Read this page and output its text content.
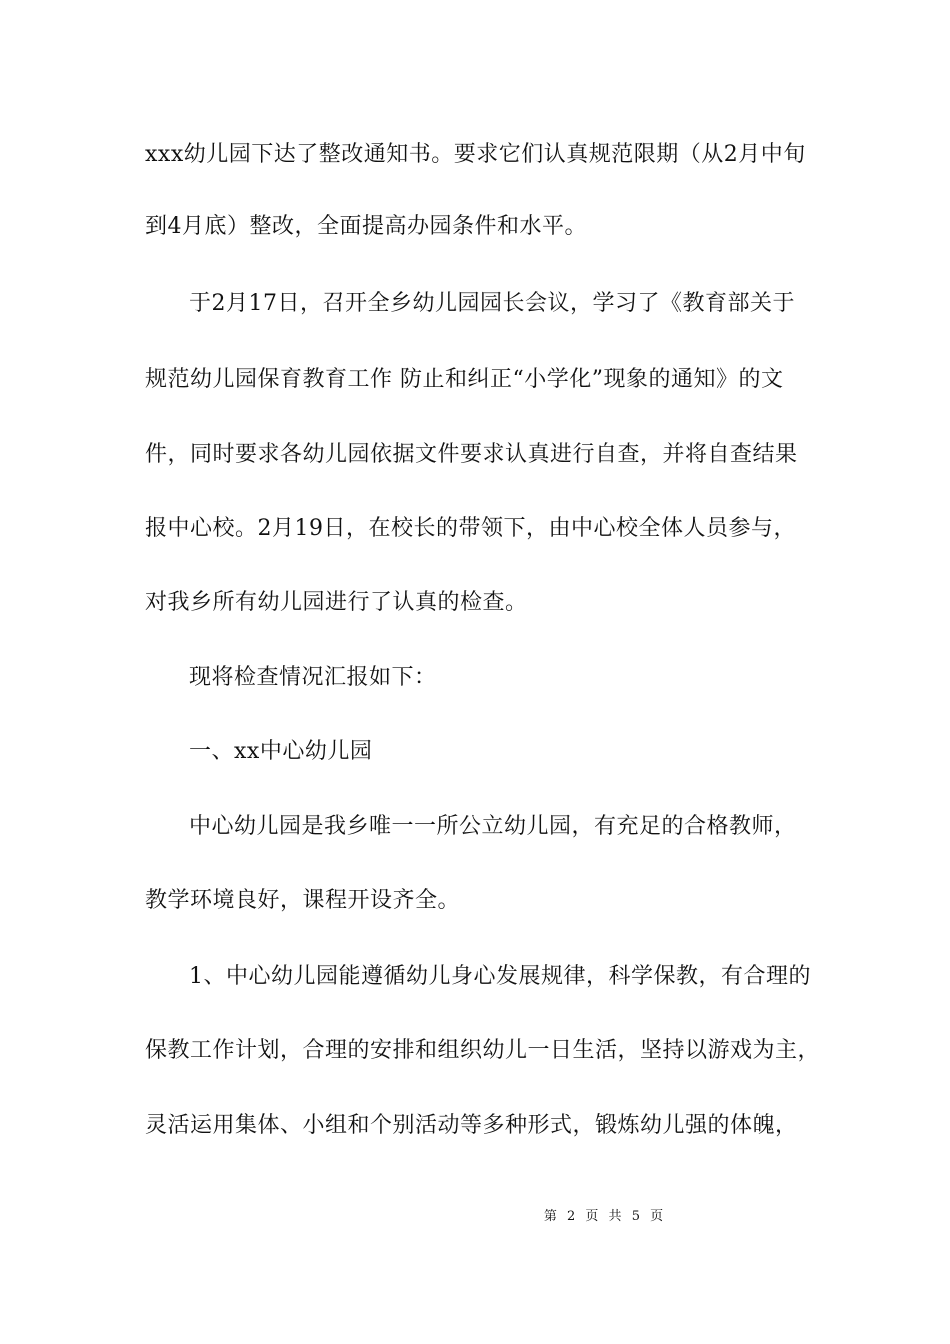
xxx幼儿园下达了整改通知书。要求它们认真规范限期（从2月中旬
到4月底）整改，全面提高办园条件和水平。
于2月17日，召开全乡幼儿园园长会议，学习了《教育部关于
规范幼儿园保育教育工作 防止和纠正“小学化”现象的通知》的文
件，同时要求各幼儿园依据文件要求认真进行自查，并将自查结果
报中心校。2月19日，在校长的带领下，由中心校全体人员参与，
对我乡所有幼儿园进行了认真的检查。
现将检查情况汇报如下：
一、xx中心幼儿园
中心幼儿园是我乡唯一一所公立幼儿园，有充足的合格教师，
教学环境良好，课程开设齐全。
1、中心幼儿园能遵循幼儿身心发展规律，科学保教，有合理的
保教工作计划，合理的安排和组织幼儿一日生活，坚持以游戏为主，
灵活运用集体、小组和个别活动等多种形式，锻炼幼儿强的体魄，
第 2 页 共 5 页
